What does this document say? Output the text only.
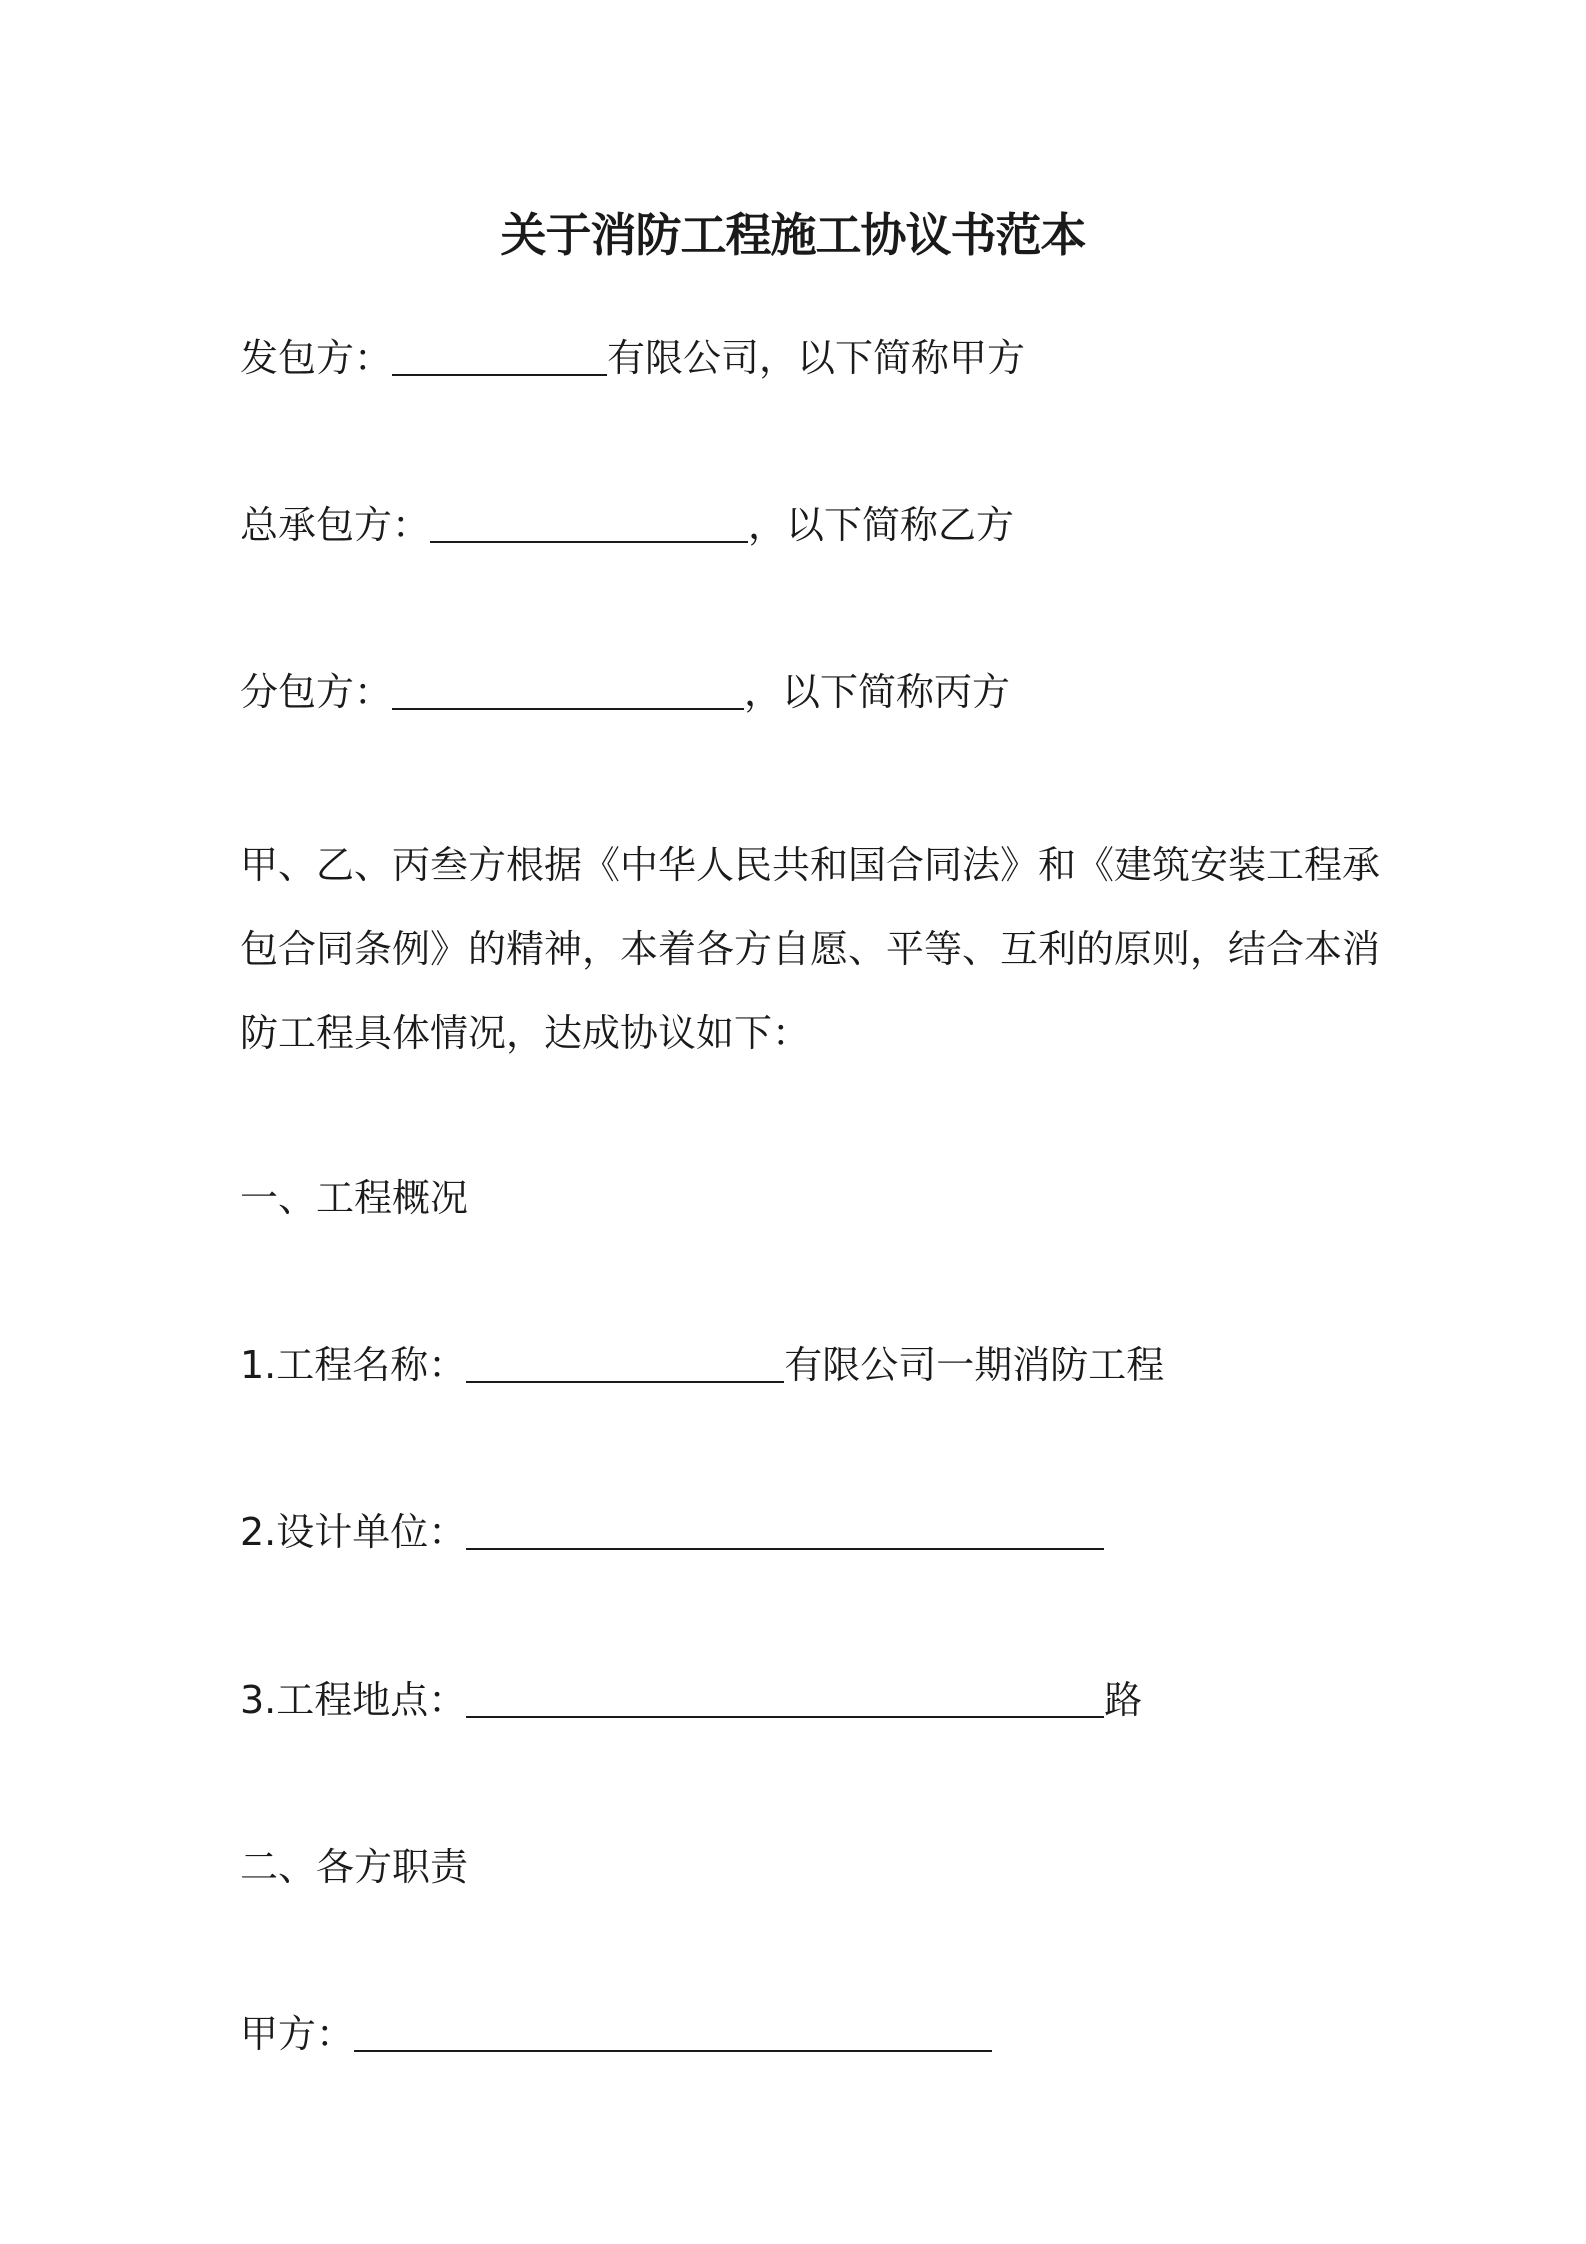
关于消防工程施工协议书范本
发包方：	有限公司，以下简称甲方
总承包方：	，以下简称乙方
分包方：	，以下简称丙方
甲、乙、丙叁方根据《中华人民共和国合同法》和《建筑安装工程承
包合同条例》的精神，本着各方自愿、平等、互利的原则，结合本消
防工程具体情况，达成协议如下：
一、工程概况
1.工程名称：	有限公司一期消防工程
2.设计单位：
3.工程地点：	路
二、各方职责
甲方：
